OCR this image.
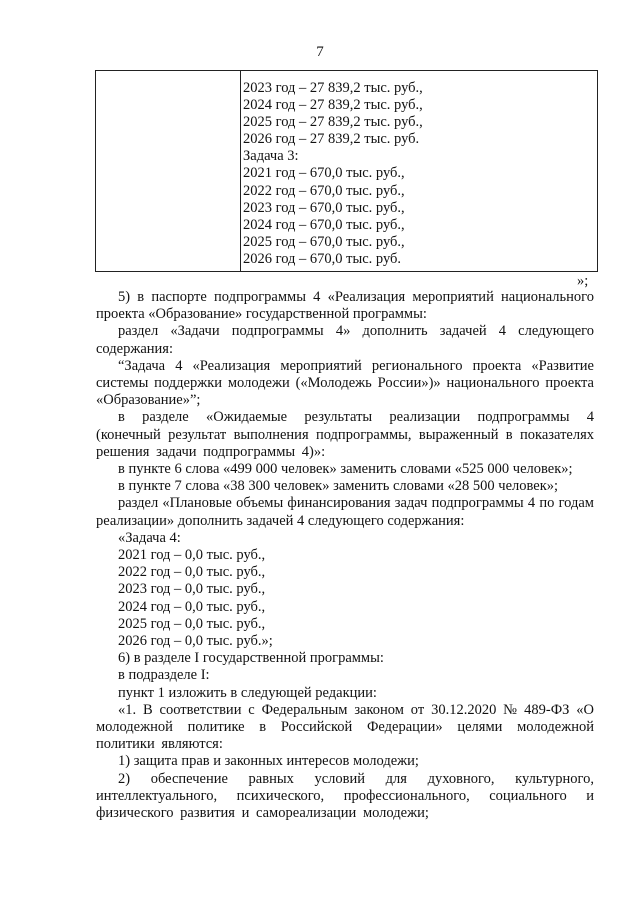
7
2023 год – 27 839,2 тыс. руб.,
2024 год – 27 839,2 тыс. руб.,
2025 год – 27 839,2 тыс. руб.,
2026 год – 27 839,2 тыс. руб.
Задача 3:
2021 год – 670,0 тыс. руб.,
2022 год – 670,0 тыс. руб.,
2023 год – 670,0 тыс. руб.,
2024 год – 670,0 тыс. руб.,
2025 год – 670,0 тыс. руб.,
2026 год – 670,0 тыс. руб.
»;

5) в паспорте подпрограммы 4 «Реализация мероприятий национального проекта «Образование» государственной программы:

раздел «Задачи подпрограммы 4» дополнить задачей 4 следующего содержания:

“Задача 4 «Реализация мероприятий регионального проекта «Развитие системы поддержки молодежи («Молодежь России»)» национального проекта «Образование»”;

в разделе «Ожидаемые результаты реализации подпрограммы 4 (конечный результат выполнения подпрограммы, выраженный в показателях решения задачи подпрограммы 4)»:

в пункте 6 слова «499 000 человек» заменить словами «525 000 человек»;

в пункте 7 слова «38 300 человек» заменить словами «28 500 человек»;

раздел «Плановые объемы финансирования задач подпрограммы 4 по годам реализации» дополнить задачей 4 следующего содержания:

«Задача 4:

2021 год – 0,0 тыс. руб.,

2022 год – 0,0 тыс. руб.,

2023 год – 0,0 тыс. руб.,

2024 год – 0,0 тыс. руб.,

2025 год – 0,0 тыс. руб.,

2026 год – 0,0 тыс. руб.»;

6) в разделе I государственной программы:

в подразделе I:

пункт 1 изложить в следующей редакции:

«1. В соответствии с Федеральным законом от 30.12.2020 № 489-ФЗ «О молодежной политике в Российской Федерации» целями молодежной политики являются:

1) защита прав и законных интересов молодежи;

2) обеспечение равных условий для духовного, культурного, интеллектуального, психического, профессионального, социального и физического развития и самореализации молодежи;
